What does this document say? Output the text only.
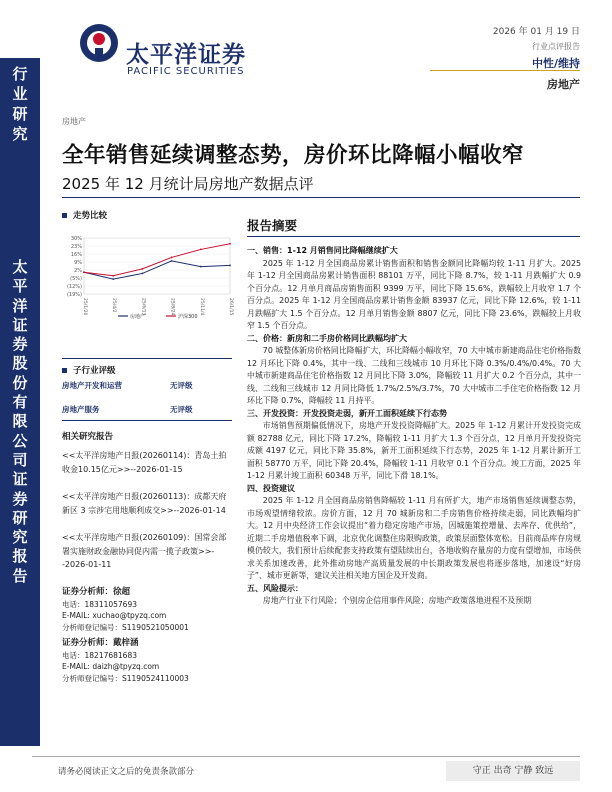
太平洋证券
PACIFIC SECURITIES
2026 年 01 月 19 日
行业点评报告
中性/维持
房地产
行
业
研
究
太
平
洋
证
券
股
份
有
限
公
司
证
券
研
究
报
告
房地产
全年销售延续调整态势，房价环比降幅小幅收窄
2025 年 12 月统计局房地产数据点评
走势比较
30%
23%
16%
9%
2%
(5%)
(12%)
(19%)
25/1/20	25/4/2	25/6/13	25/8/24	25/11/4	26/1/15
房地产	沪深300
子行业评级
房地产开发和运营	无评级
房地产服务	无评级
相关研究报告
<<太平洋房地产日报(20260114)：青岛土拍收金10.15亿元>>--2026-01-15
<<太平洋房地产日报(20260113)：成都天府新区 3 宗涉宅用地顺利成交>>--2026-01-14
<<太平洋房地产日报(20260109)：国常会部署实施财政金融协同促内需一揽子政策>>--2026-01-11
证券分析师：徐超
电话：18311057693
E-MAIL: xuchao@tpyzq.com
分析师登记编号：S1190521050001
证券分析师：戴梓涵
电话：18217681683
E-MAIL: daizh@tpyzq.com
分析师登记编号：S1190524110003
报告摘要
一、销售：1-12 月销售同比降幅继续扩大

2025 年 1-12 月全国商品房累计销售面积和销售金额同比降幅均较 1-11 月扩大。2025 年 1-12 月全国商品房累计销售面积 88101 万平，同比下降 8.7%，较 1-11 月跌幅扩大 0.9 个百分点。12 月单月商品房销售面积 9399 万平，同比下降 15.6%，跌幅较上月收窄 1.7 个百分点。2025 年 1-12 月全国商品房累计销售金额 83937 亿元，同比下降 12.6%，较 1-11 月跌幅扩大 1.5 个百分点。12 月单月销售金额 8807 亿元，同比下降 23.6%，跌幅较上月收窄 1.5 个百分点。

二、价格：新房和二手房价格同比跌幅均扩大

70 城整体新房价格同比降幅扩大，环比降幅小幅收窄，70 大中城市新建商品住宅价格指数 12 月环比下降 0.4%，其中一线、二线和三线城市 10 月环比下降 0.3%/0.4%/0.4%。70 大中城市新建商品住宅价格指数 12 月同比下降 3.0%，降幅较 11 月扩大 0.2 个百分点，其中一线、二线和三线城市 12 月同比降低 1.7%/2.5%/3.7%，70 大中城市二手住宅价格指数 12 月环比下降 0.7%，降幅较 11 月持平。

三、开发投资：开发投资走弱，新开工面积延续下行态势

市场销售预期偏低情况下，房地产开发投资降幅扩大。2025 年 1-12 月累计开发投资完成额 82788 亿元，同比下降 17.2%，降幅较 1-11 月扩大 1.3 个百分点，12 月单月开发投资完成额 4197 亿元，同比下降 35.8%，新开工面积延续下行态势，2025 年 1-12 月累计新开工面积 58770 万平，同比下降 20.4%，降幅较 1-11 月收窄 0.1 个百分点。竣工方面，2025 年 1-12 月累计竣工面积 60348 万平，同比下滑 18.1%。

四、投资建议

2025 年 1-12 月全国商品房销售降幅较 1-11 月有所扩大，地产市场销售延续调整态势，市场观望情绪较浓。房价方面，12 月 70 城新房和二手房销售价格持续走弱，同比跌幅均扩大。12 月中央经济工作会议提出“着力稳定房地产市场，因城施策控增量、去库存、优供给”，近期二手房增值税率下调，北京优化调整住房限购政策，政策层面整体宽松。目前商品库存房规模仍较大，我们预计后续配套支持政策有望陆续出台，各地收购存量房的力度有望增加，市场供求关系加速改善，此外推动房地产高质量发展的中长期政策发展也将逐步落地，加速设“好房子”、城市更新等，建议关注相关地方国企及开发商。

五、风险提示：

房地产行业下行风险；个别房企信用事件风险；房地产政策落地进程不及预期

请务必阅读正文之后的免责条款部分	守正 出奇 宁静 致远
